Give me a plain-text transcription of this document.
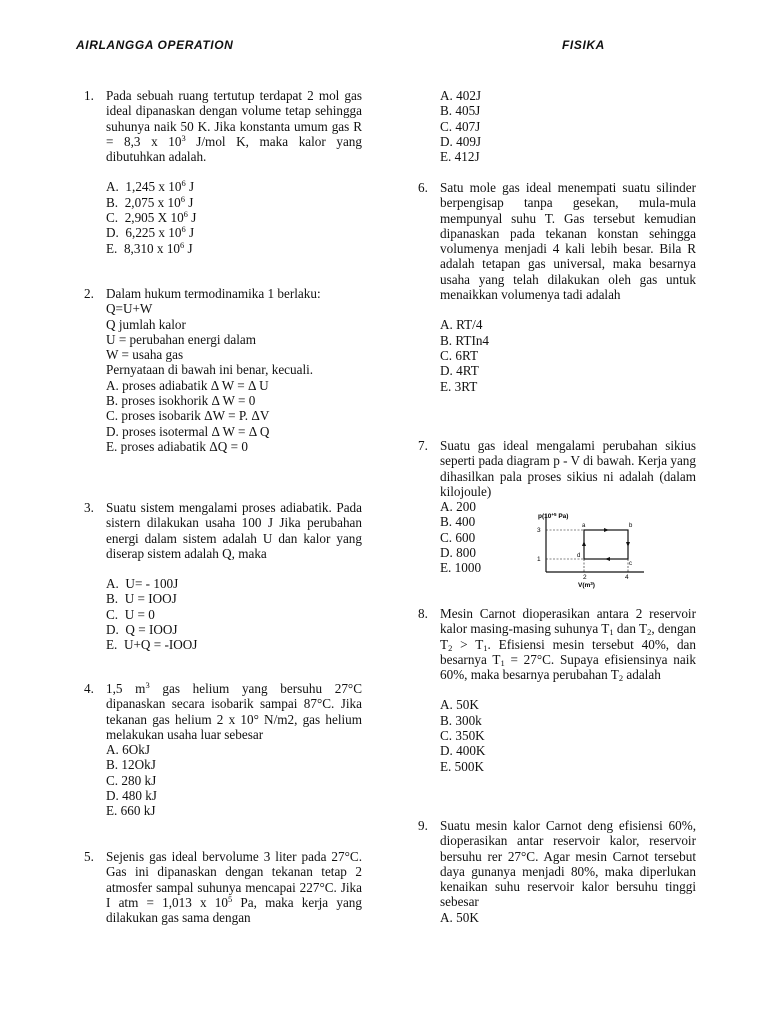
AIRLANGGA OPERATION	FISIKA
1. Pada sebuah ruang tertutup terdapat 2 mol gas ideal dipanaskan dengan volume tetap sehingga suhunya naik 50 K. Jika konstanta umum gas R = 8,3 x $10^3$ J/mol K, maka kalor yang dibutuhkan adalah.
A. 1,245 x $10^6$ J
B. 2,075 x $10^6$ J
C. 2,905 X $10^6$ J
D. 6,225 x $10^6$ J
E. 8,310 x $10^6$ J
2. Dalam hukum termodinamika 1 berlaku:
Q=U+W
Q jumlah kalor
U = perubahan energi dalam
W = usaha gas
Pernyataan di bawah ini benar, kecuali.
A. proses adiabatik Δ W = Δ U
B. proses isokhorik Δ W = 0
C. proses isobarik ΔW = P. ΔV
D. proses isotermal Δ W = Δ Q
E. proses adiabatik ΔQ = 0
3. Suatu sistem mengalami proses adiabatik. Pada sistern dilakukan usaha 100 J Jika perubahan energi dalam sistem adalah U dan kalor yang diserap sistem adalah Q, maka
A. U= - 100J
B. U = IOOJ
C. U = 0
D. Q = IOOJ
E. U+Q = -IOOJ
4. 1,5 $m^3$ gas helium yang bersuhu 27°C dipanaskan secara isobarik sampai 87°C. Jika tekanan gas helium 2 x 10° N/m2, gas helium melakukan usaha luar sebesar
A. 6OkJ
B. 12OkJ
C. 280 kJ
D. 480 kJ
E. 660 kJ
5. Sejenis gas ideal bervolume 3 liter pada 27°C. Gas ini dipanaskan dengan tekanan tetap 2 atmosfer sampal suhunya mencapai 227°C. Jika I atm = 1,013 x $10^5$ Pa, maka kerja yang dilakukan gas sama dengan
A. 402J
B. 405J
C. 407J
D. 409J
E. 412J
6. Satu mole gas ideal menempati suatu silinder berpengisap tanpa gesekan, mula-mula mempunyal suhu T. Gas tersebut kemudian dipanaskan pada tekanan konstan sehingga volumenya menjadi 4 kali lebih besar. Bila R adalah tetapan gas universal, maka besarnya usaha yang telah dilakukan oleh gas untuk menaikkan volumenya tadi adalah
A. RT/4
B. RTIn4
C. 6RT
D. 4RT
E. 3RT
7. Suatu gas ideal mengalami perubahan sikius seperti pada diagram p - V di bawah. Kerja yang dihasilkan pala proses sikius ni adalah (dalam kilojoule)
A. 200
B. 400
C. 600
D. 800
E. 1000
$p(10^{+5}$ Pa)
$V(m^3)$
3
1
2	4
a	b
c
d
8. Mesin Carnot dioperasikan antara 2 reservoir kalor masing-masing suhunya $T_1$ dan $T_2$, dengan $T_2 > T_1$. Efisiensi mesin tersebut 40%, dan besarnya $T_1 = 27^\circ C$. Supaya efisiensinya naik 60%, maka besarnya perubahan $T_2$ adalah
A. 50K
B. 300k
C. 350K
D. 400K
E. 500K
9. Suatu mesin kalor Carnot deng efisiensi 60%, dioperasikan antar reservoir kalor, reservoir bersuhu rer 27°C. Agar mesin Carnot tersebut daya gunanya menjadi 80%, maka diperlukan kenaikan suhu reservoir kalor bersuhu tinggi sebesar
A. 50K
